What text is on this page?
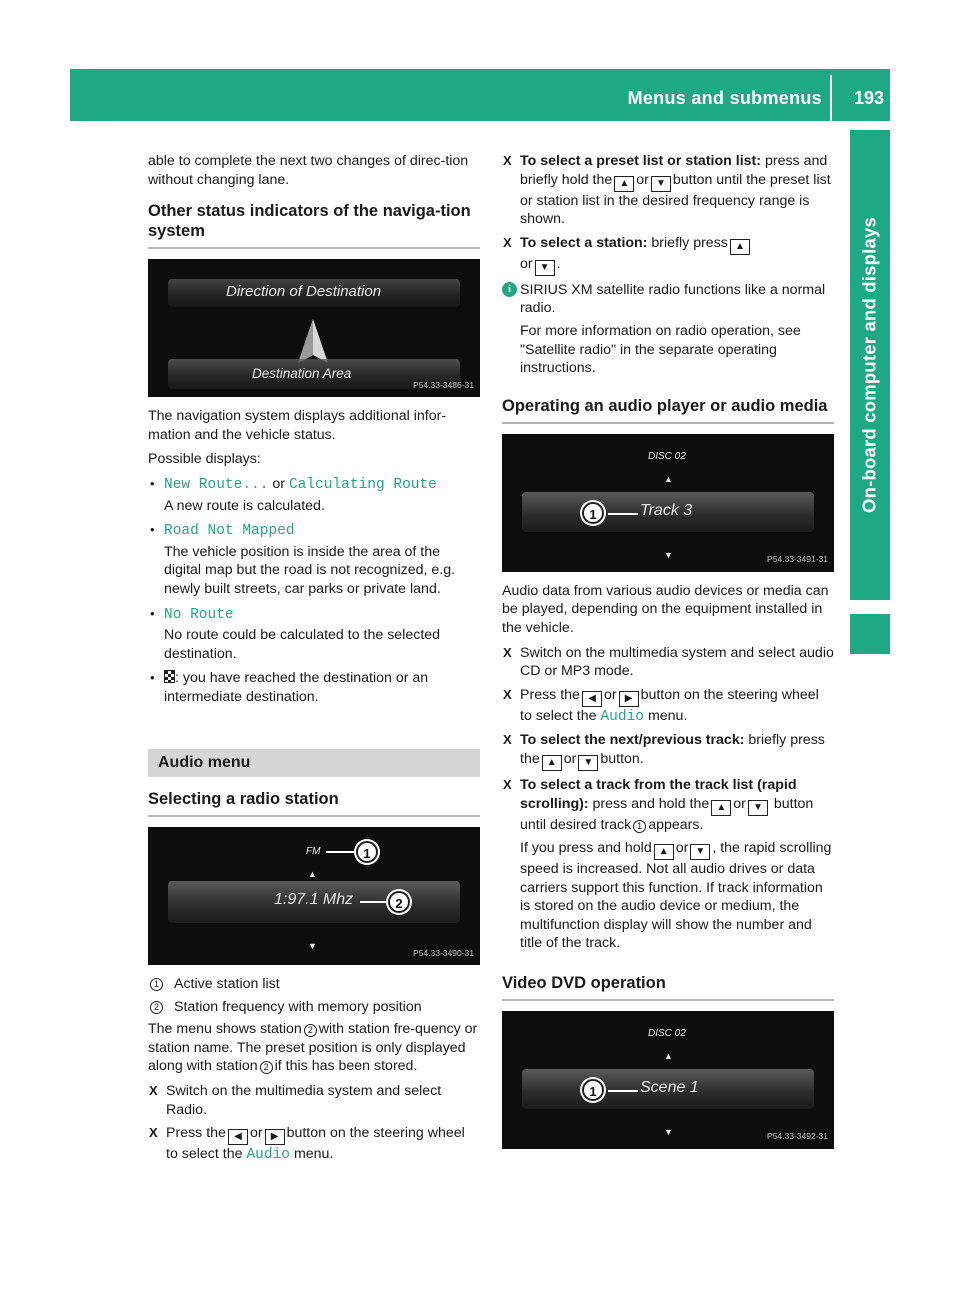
Menus and submenus 193
On-board computer and displays

able to complete the next two changes of direc-tion without changing lane.

Other status indicators of the naviga-tion system
Direction of Destination
Destination Area
P54.33-3486-31

The navigation system displays additional infor-mation and the vehicle status.

Possible displays:

• New Route... or Calculating Route

A new route is calculated.

• Road Not Mapped

The vehicle position is inside the area of the digital map but the road is not recognized, e.g. newly built streets, car parks or private land.

• No Route

No route could be calculated to the selected destination.

• : you have reached the destination or an intermediate destination.
Audio menu
Selecting a radio station
FM	1
▲
1:97.1 Mhz	2
▼
P54.33-3490-31
1 Active station list
2 Station frequency with memory position

The menu shows station 2 with station fre-quency or station name. The preset position is only displayed along with station 2 if this has been stored.

X Switch on the multimedia system and select Radio.
X Press the ◀ or ▶ button on the steering wheel to select the Audio menu.
X To select a preset list or station list: press and briefly hold the ▲ or ▼ button until the preset list or station list in the desired frequency range is shown.
X To select a station: briefly press ▲
or ▼ .
i SIRIUS XM satellite radio functions like a normal radio.

For more information on radio operation, see "Satellite radio" in the separate operating instructions.

Operating an audio player or audio media
DISC 02
▲
1	Track 3
▼	P54.33-3491-31

Audio data from various audio devices or media can be played, depending on the equipment installed in the vehicle.

X Switch on the multimedia system and select audio CD or MP3 mode.
X Press the ◀ or ▶ button on the steering wheel to select the Audio menu.
X To select the next/previous track: briefly press the ▲ or ▼ button.
X To select a track from the track list (rapid scrolling): press and hold the ▲ or ▼ button until desired track 1 appears.

If you press and hold ▲ or ▼ , the rapid scrolling speed is increased. Not all audio drives or data carriers support this function. If track information is stored on the audio device or medium, the multifunction display will show the number and title of the track.

Video DVD operation
DISC 02
▲
1	Scene 1
▼	P54.33-3492-31
